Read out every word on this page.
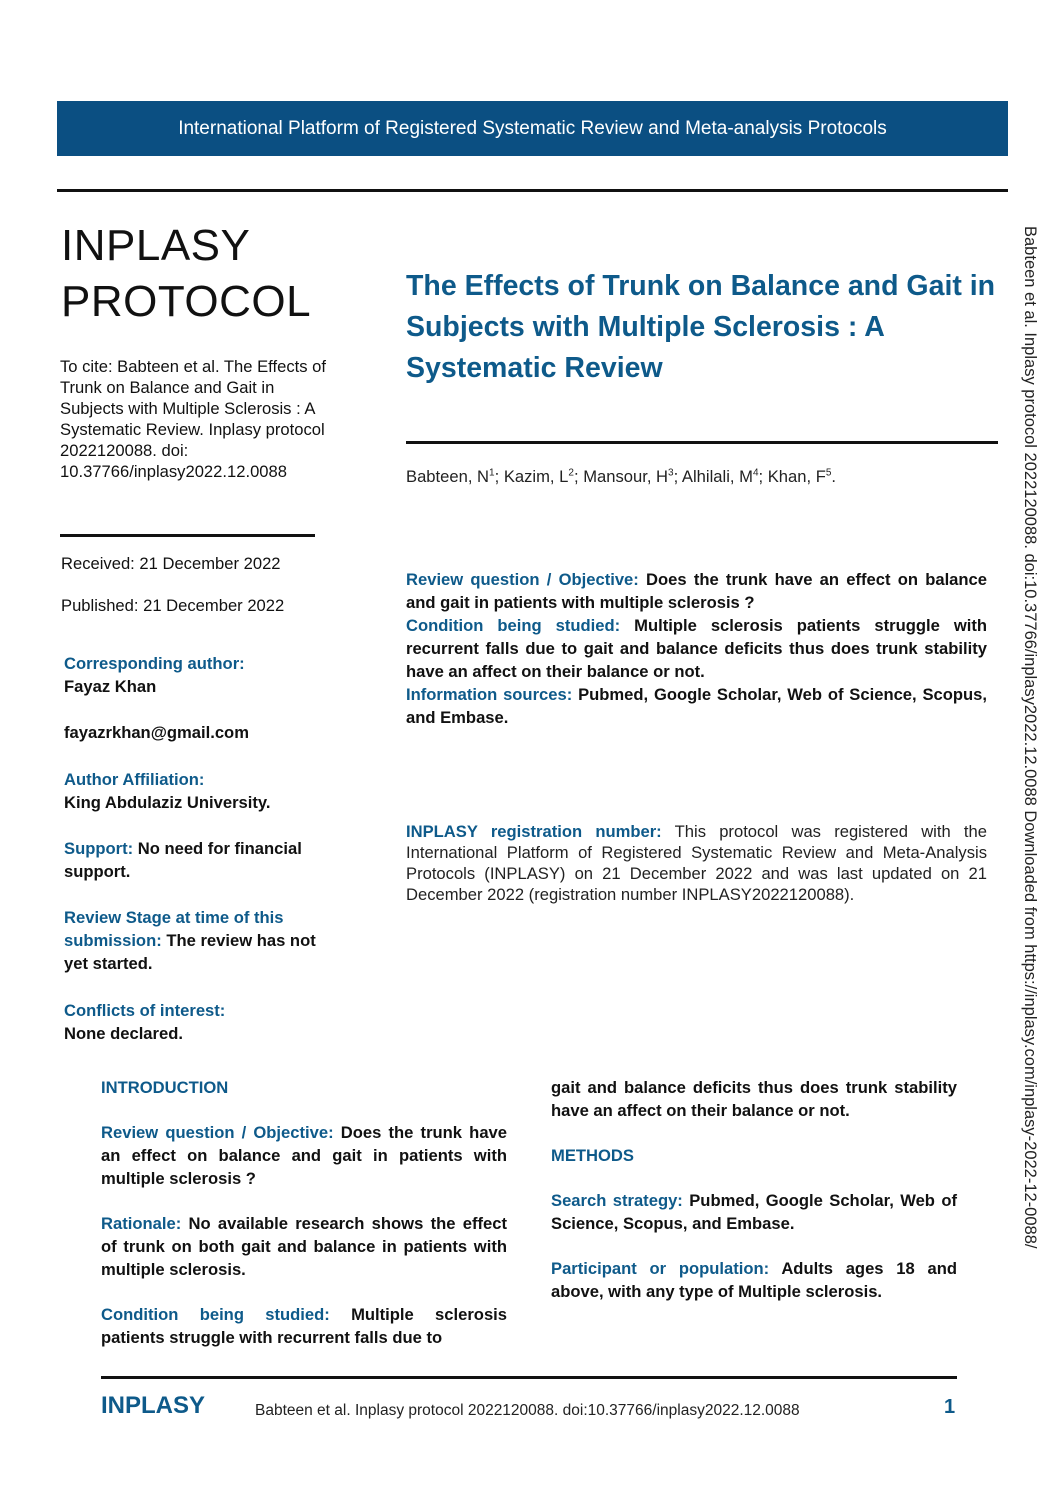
International Platform of Registered Systematic Review and Meta-analysis Protocols
Babteen et al. Inplasy protocol 2022120088. doi:10.37766/inplasy2022.12.0088 Downloaded from https://inplasy.com/inplasy-2022-12-0088/
INPLASY
PROTOCOL
To cite: Babteen et al. The Effects of Trunk on Balance and Gait in Subjects with Multiple Sclerosis : A Systematic Review. Inplasy protocol 2022120088. doi: 10.37766/inplasy2022.12.0088
Received: 21 December 2022
Published: 21 December 2022

Corresponding author:

Fayaz Khan

fayazrkhan@gmail.com

Author Affiliation:

King Abdulaziz University.

Support: No need for financial support.
Review Stage at time of this submission: The review has not yet started.

Conflicts of interest:

None declared.

The Effects of Trunk on Balance and Gait in Subjects with Multiple Sclerosis : A Systematic Review
Babteen, $N^1$; Kazim, $L^2$; Mansour, $H^3$; Alhilali, $M^4$; Khan, $F^5$.
Review question / Objective: Does the trunk have an effect on balance and gait in patients with multiple sclerosis ?
Condition being studied: Multiple sclerosis patients struggle with recurrent falls due to gait and balance deficits thus does trunk stability have an affect on their balance or not.
Information sources: Pubmed, Google Scholar, Web of Science, Scopus, and Embase.
INPLASY registration number: This protocol was registered with the International Platform of Registered Systematic Review and Meta-Analysis Protocols (INPLASY) on 21 December 2022 and was last updated on 21 December 2022 (registration number INPLASY2022120088).

INTRODUCTION

Review question / Objective: Does the trunk have an effect on balance and gait in patients with multiple sclerosis ?

Rationale: No available research shows the effect of trunk on both gait and balance in patients with multiple sclerosis.

Condition being studied: Multiple sclerosis patients struggle with recurrent falls due to

gait and balance deficits thus does trunk stability have an affect on their balance or not.

METHODS

Search strategy: Pubmed, Google Scholar, Web of Science, Scopus, and Embase.

Participant or population: Adults ages 18 and above, with any type of Multiple sclerosis.

INPLASY	Babteen et al. Inplasy protocol 2022120088. doi:10.37766/inplasy2022.12.0088	1
